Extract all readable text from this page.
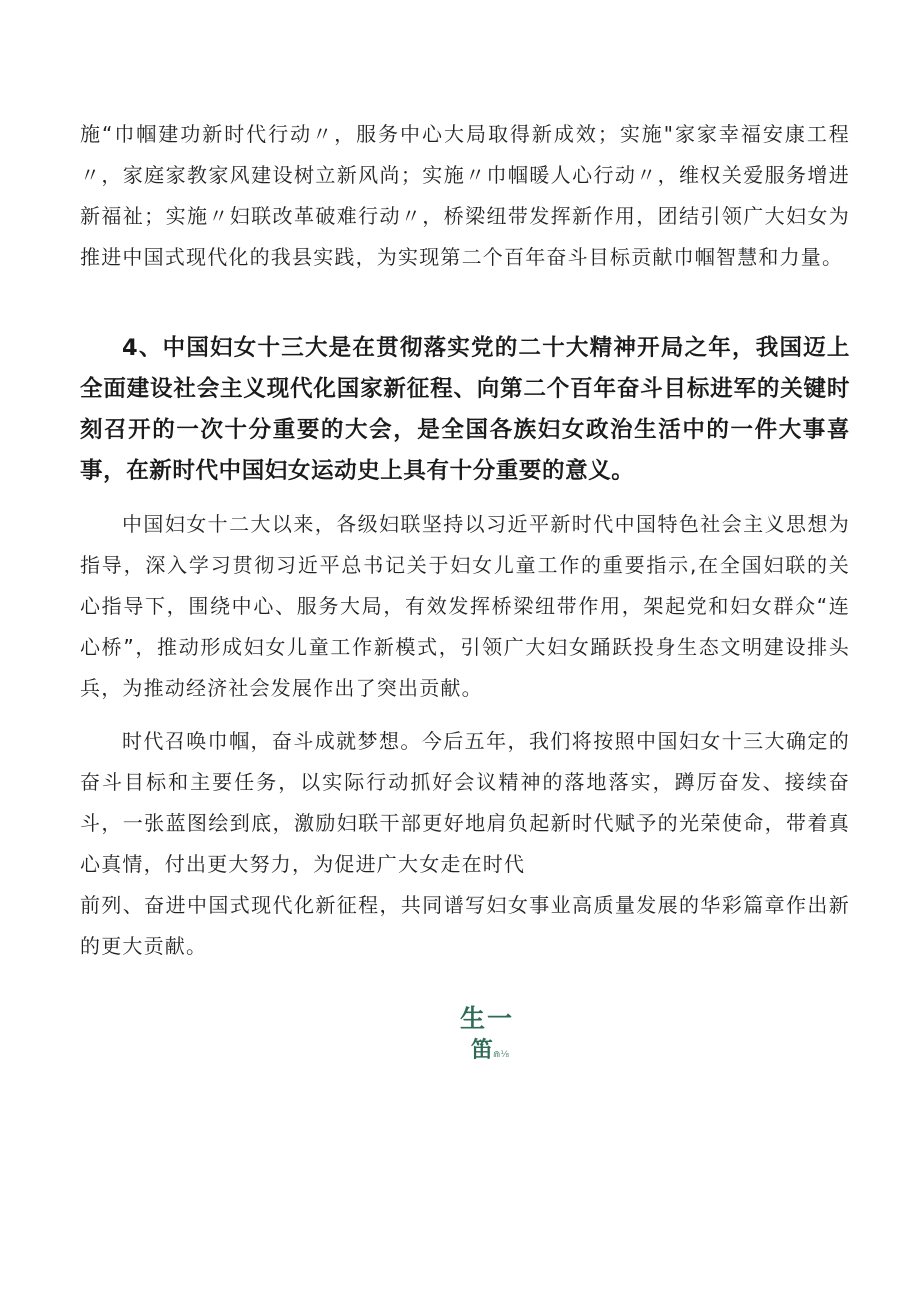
施“巾帼建功新时代行动〃，服务中心大局取得新成效；实施"家家幸福安康工程〃，家庭家教家风建设树立新风尚；实施〃巾帼暖人心行动〃，维权关爱服务增进新福祉；实施〃妇联改革破难行动〃，桥梁纽带发挥新作用，团结引领广大妇女为推进中国式现代化的我县实践，为实现第二个百年奋斗目标贡献巾帼智慧和力量。

4、中国妇女十三大是在贯彻落实党的二十大精神开局之年，我国迈上全面建设社会主义现代化国家新征程、向第二个百年奋斗目标进军的关键时刻召开的一次十分重要的大会，是全国各族妇女政治生活中的一件大事喜事，在新时代中国妇女运动史上具有十分重要的意义。

中国妇女十二大以来，各级妇联坚持以习近平新时代中国特色社会主义思想为指导，深入学习贯彻习近平总书记关于妇女儿童工作的重要指示,在全国妇联的关心指导下，围绕中心、服务大局，有效发挥桥梁纽带作用，架起党和妇女群众“连心桥”，推动形成妇女儿童工作新模式，引领广大妇女踊跃投身生态文明建设排头兵，为推动经济社会发展作出了突出贡献。

时代召唤巾帼，奋斗成就梦想。今后五年，我们将按照中国妇女十三大确定的奋斗目标和主要任务，以实际行动抓好会议精神的落地落实，蹲厉奋发、接续奋斗，一张蓝图绘到底，激励妇联干部更好地肩负起新时代赋予的光荣使命，带着真心真情，付出更大努力，为促进广大女走在时代
前列、奋进中国式现代化新征程，共同谱写妇女事业高质量发展的华彩篇章作出新的更大贡献。
生一
笛⋒⅛
